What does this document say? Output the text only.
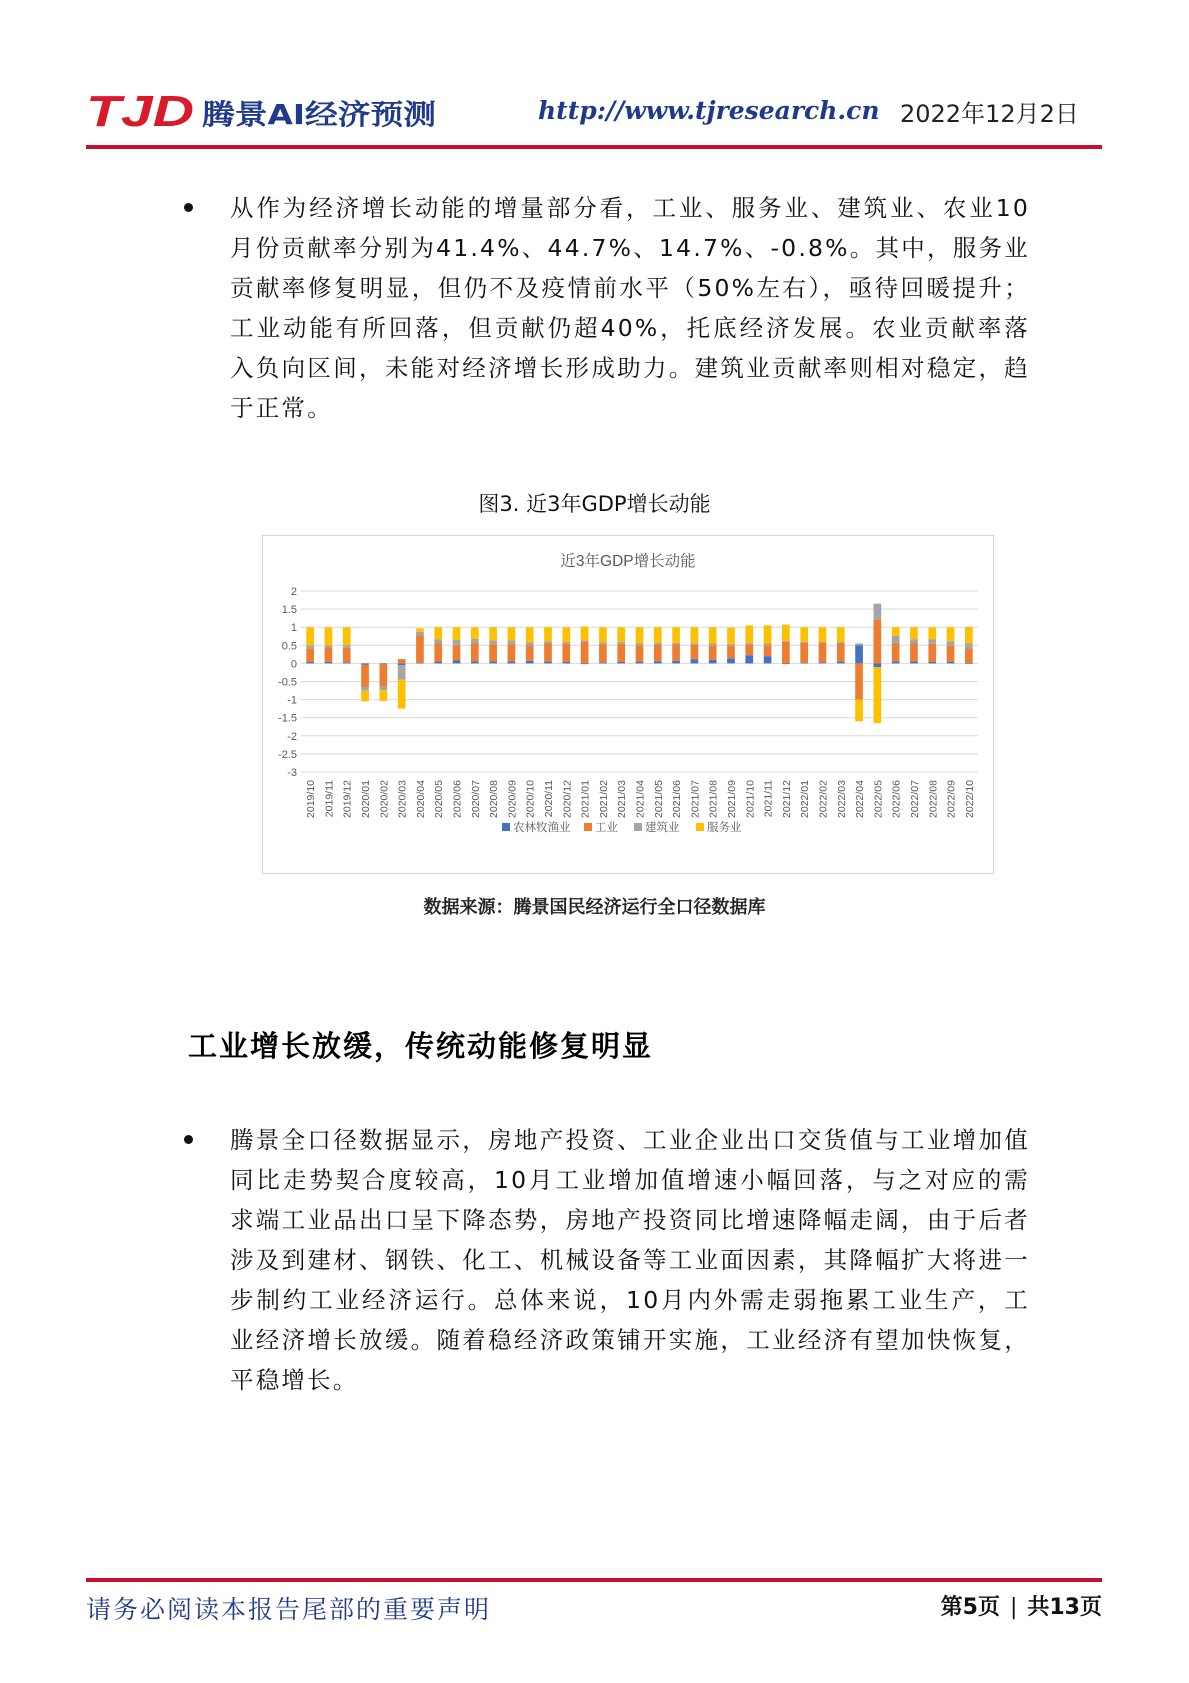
TJD 腾景AI经济预测	http://www.tjresearch.cn 2022年12月2日
从作为经济增长动能的增量部分看，工业、服务业、建筑业、农业10月份贡献率分别为41.4%、44.7%、14.7%、-0.8%。其中，服务业贡献率修复明显，但仍不及疫情前水平（50%左右），亟待回暖提升；工业动能有所回落，但贡献仍超40%，托底经济发展。农业贡献率落入负向区间，未能对经济增长形成助力。建筑业贡献率则相对稳定，趋于正常。
图3. 近3年GDP增长动能
近3年GDP增长动能
2
1.5
1
0.5
0
-0.5
-1
-1.5
-2
-2.5
-3
2019/10 2019/11 2019/12 2020/01 2020/02 2020/03 2020/04 2020/05 2020/06 2020/07 2020/08 2020/09 2020/10 2020/11 2020/12 2021/01 2021/02 2021/03 2021/04 2021/05 2021/06 2021/07 2021/08 2021/09 2021/10 2021/11 2021/12 2022/01 2022/02 2022/03 2022/04 2022/05 2022/06 2022/07 2022/08 2022/09 2022/10
农林牧渔业 工业 建筑业 服务业
数据来源：腾景国民经济运行全口径数据库
工业增长放缓，传统动能修复明显
腾景全口径数据显示，房地产投资、工业企业出口交货值与工业增加值同比走势契合度较高，10月工业增加值增速小幅回落，与之对应的需求端工业品出口呈下降态势，房地产投资同比增速降幅走阔，由于后者涉及到建材、钢铁、化工、机械设备等工业面因素，其降幅扩大将进一步制约工业经济运行。总体来说，10月内外需走弱拖累工业生产，工业经济增长放缓。随着稳经济政策铺开实施，工业经济有望加快恢复，平稳增长。
请务必阅读本报告尾部的重要声明	第5页 | 共13页
